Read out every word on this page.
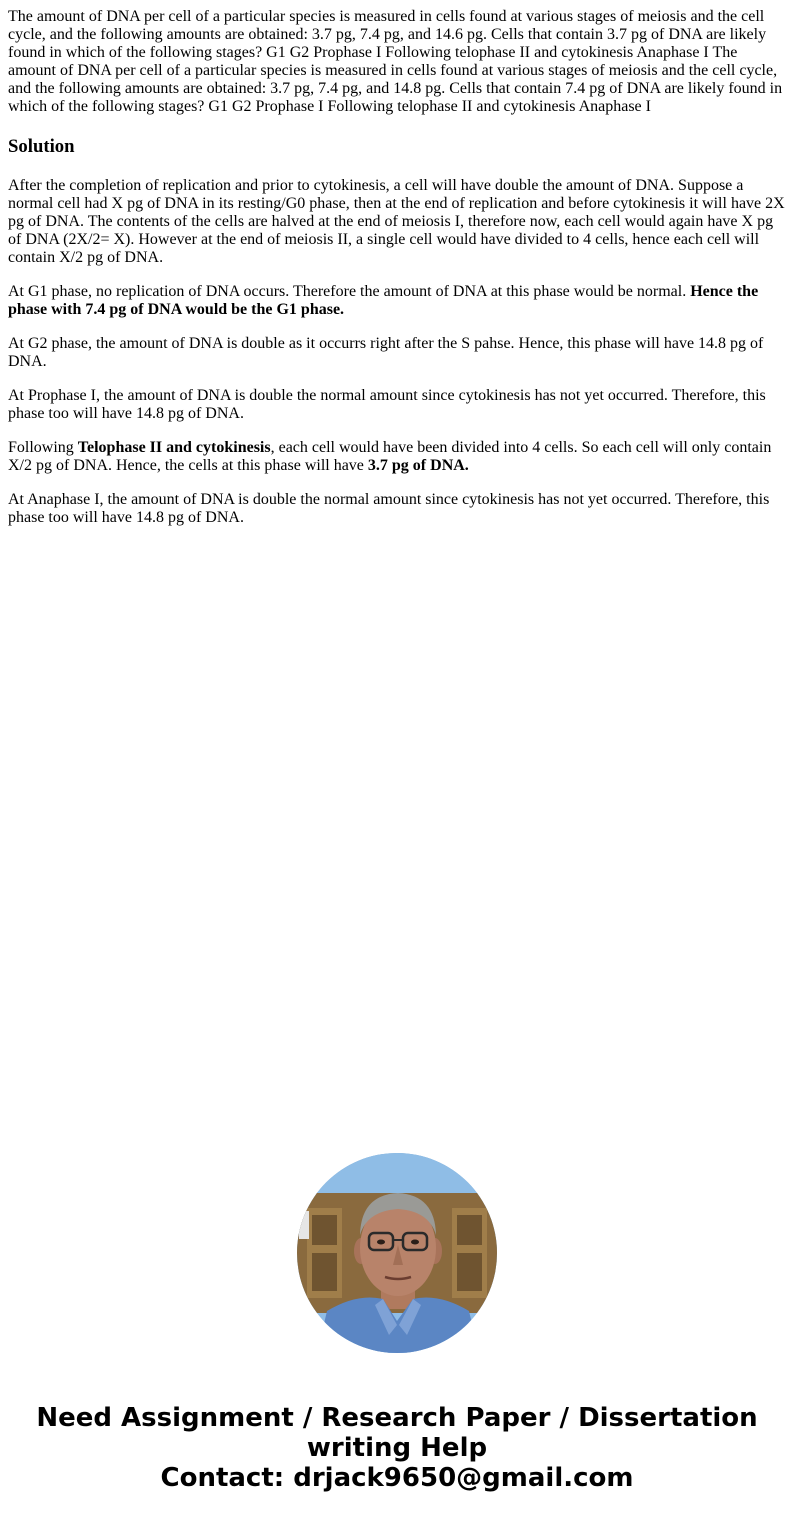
The amount of DNA per cell of a particular species is measured in cells found at various stages of meiosis and the cell cycle, and the following amounts are obtained: 3.7 pg, 7.4 pg, and 14.6 pg. Cells that contain 3.7 pg of DNA are likely found in which of the following stages? G1 G2 Prophase I Following telophase II and cytokinesis Anaphase I The amount of DNA per cell of a particular species is measured in cells found at various stages of meiosis and the cell cycle, and the following amounts are obtained: 3.7 pg, 7.4 pg, and 14.8 pg. Cells that contain 7.4 pg of DNA are likely found in which of the following stages? G1 G2 Prophase I Following telophase II and cytokinesis Anaphase I
Solution

After the completion of replication and prior to cytokinesis, a cell will have double the amount of DNA. Suppose a normal cell had X pg of DNA in its resting/G0 phase, then at the end of replication and before cytokinesis it will have 2X pg of DNA. The contents of the cells are halved at the end of meiosis I, therefore now, each cell would again have X pg of DNA (2X/2= X). However at the end of meiosis II, a single cell would have divided to 4 cells, hence each cell will contain X/2 pg of DNA.

At G1 phase, no replication of DNA occurs. Therefore the amount of DNA at this phase would be normal. Hence the phase with 7.4 pg of DNA would be the G1 phase.

At G2 phase, the amount of DNA is double as it occurrs right after the S pahse. Hence, this phase will have 14.8 pg of DNA.

At Prophase I, the amount of DNA is double the normal amount since cytokinesis has not yet occurred. Therefore, this phase too will have 14.8 pg of DNA.

Following Telophase II and cytokinesis, each cell would have been divided into 4 cells. So each cell will only contain X/2 pg of DNA. Hence, the cells at this phase will have 3.7 pg of DNA.

At Anaphase I, the amount of DNA is double the normal amount since cytokinesis has not yet occurred. Therefore, this phase too will have 14.8 pg of DNA.

Need Assignment / Research Paper / Dissertation
writing Help
Contact: drjack9650@gmail.com
